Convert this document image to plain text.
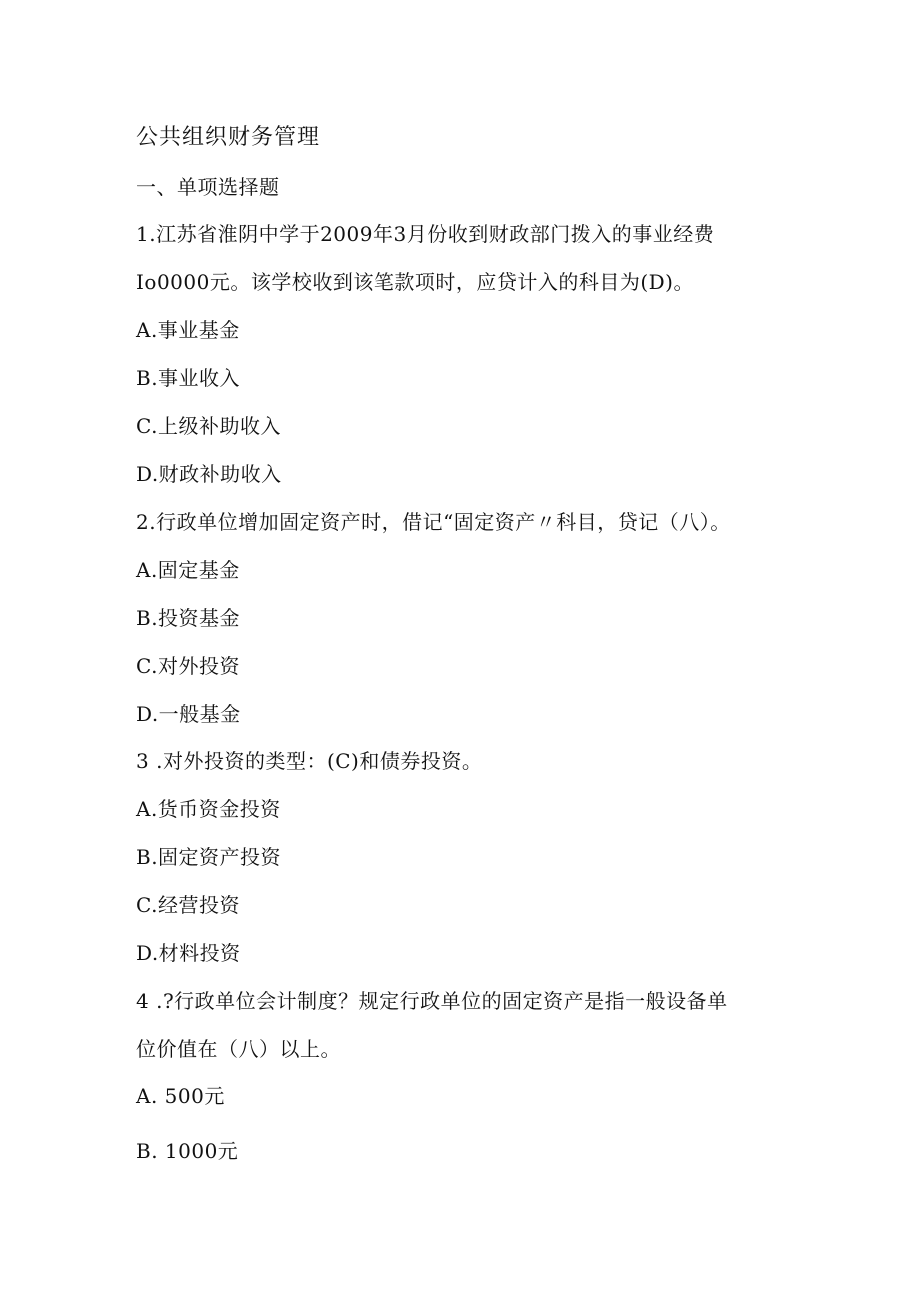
公共组织财务管理
一、单项选择题
1.江苏省淮阴中学于2009年3月份收到财政部门拨入的事业经费
Io0000元。该学校收到该笔款项时，应贷计入的科目为(D)。
A.事业基金
B.事业收入
C.上级补助收入
D.财政补助收入
2.行政单位增加固定资产时，借记“固定资产〃科目，贷记（八）。
A.固定基金
B.投资基金
C.对外投资
D.一般基金
3 .对外投资的类型：(C)和债券投资。
A.货币资金投资
B.固定资产投资
C.经营投资
D.材料投资
4 .?行政单位会计制度？规定行政单位的固定资产是指一般设备单
位价值在（八）以上。
A. 500元
B. 1000元
